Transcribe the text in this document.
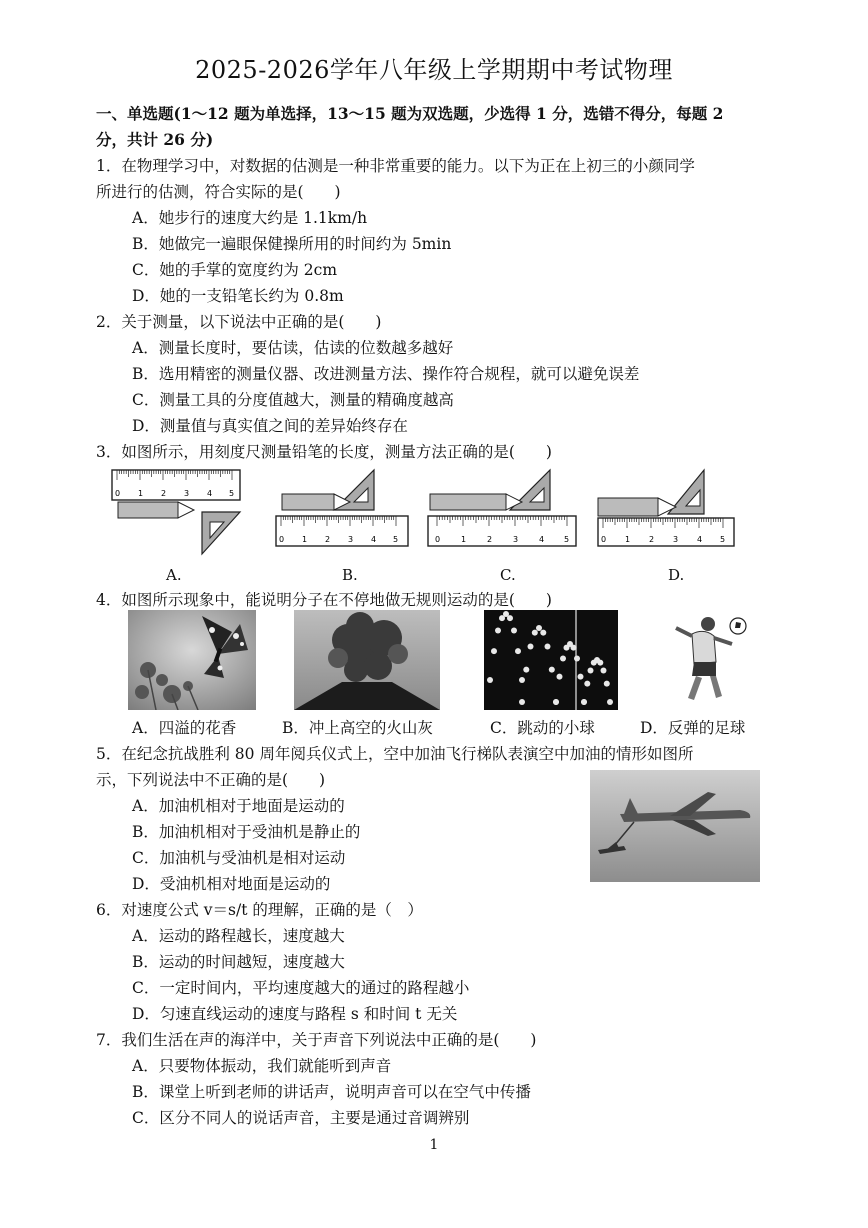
2025-2026学年八年级上学期期中考试物理
一、单选题(1～12 题为单选择，13～15 题为双选题，少选得 1 分，选错不得分，每题 2
分，共计 26 分)
1．在物理学习中，对数据的估测是一种非常重要的能力。以下为正在上初三的小颜同学
所进行的估测，符合实际的是(　　)
A．她步行的速度大约是 1.1km/h
B．她做完一遍眼保健操所用的时间约为 5min
C．她的手掌的宽度约为 2cm
D．她的一支铅笔长约为 0.8m
2．关于测量，以下说法中正确的是(　　)
A．测量长度时，要估读，估读的位数越多越好
B．选用精密的测量仪器、改进测量方法、操作符合规程，就可以避免误差
C．测量工具的分度值越大，测量的精确度越高
D．测量值与真实值之间的差异始终存在
3．如图所示，用刻度尺测量铅笔的长度，测量方法正确的是(　　)
0 1 2 3 4 5
0 1 2 3 4 5	0	1	2	3	4 5	0 1 2 3 4 5
A.	B.	C.	D.
4．如图所示现象中，能说明分子在不停地做无规则运动的是(　　)
A．四溢的花香	B．冲上高空的火山灰	C．跳动的小球	D．反弹的足球
5．在纪念抗战胜利 80 周年阅兵仪式上，空中加油飞行梯队表演空中加油的情形如图所
示，下列说法中不正确的是(　　)
A．加油机相对于地面是运动的
B．加油机相对于受油机是静止的
C．加油机与受油机是相对运动
D．受油机相对地面是运动的
6．对速度公式 v＝s/t 的理解，正确的是（　）
A．运动的路程越长，速度越大
B．运动的时间越短，速度越大
C．一定时间内，平均速度越大的通过的路程越小
D．匀速直线运动的速度与路程 s 和时间 t 无关
7．我们生活在声的海洋中，关于声音下列说法中正确的是(　　)
A．只要物体振动，我们就能听到声音
B．课堂上听到老师的讲话声，说明声音可以在空气中传播
C．区分不同人的说话声音，主要是通过音调辨别
1
